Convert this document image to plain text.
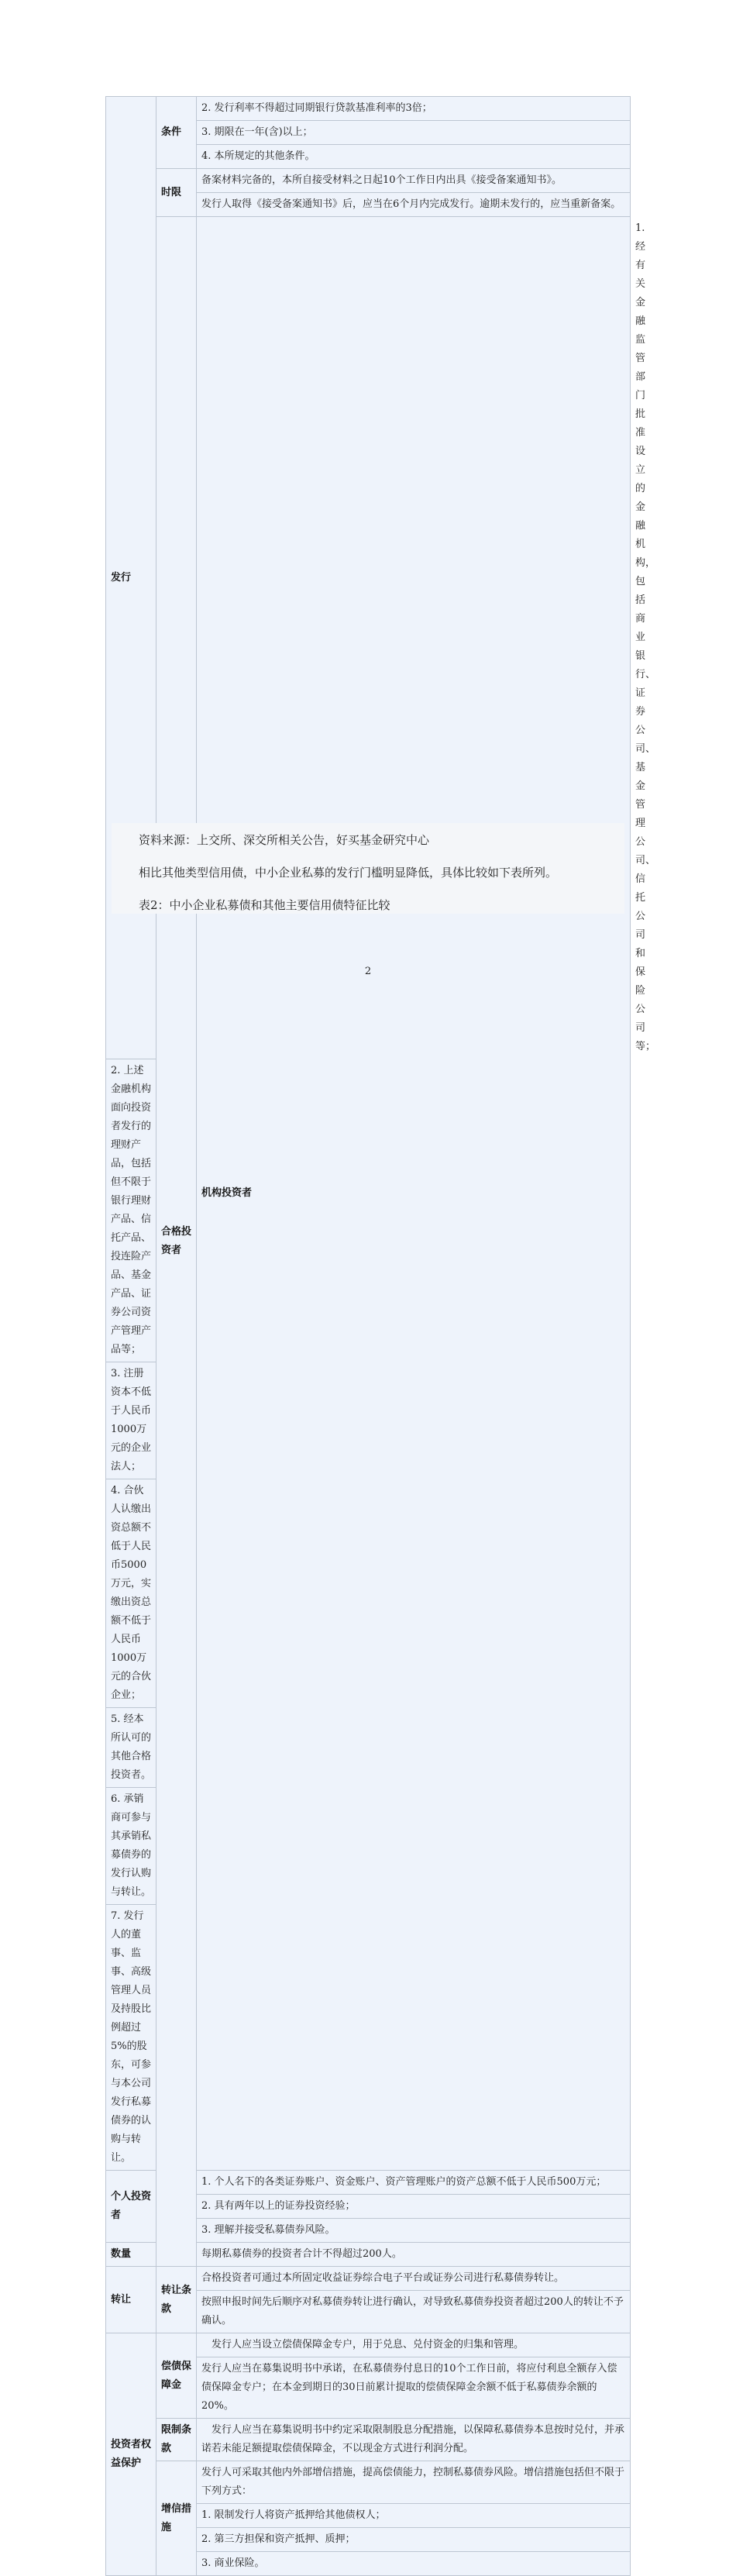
发行	条件	2. 发行利率不得超过同期银行贷款基准利率的3倍；	
		3. 期限在一年(含)以上；	
		4. 本所规定的其他条件。	
	时限	备案材料完备的，本所自接受材料之日起10个工作日内出具《接受备案通知书》。	
		发行人取得《接受备案通知书》后，应当在6个月内完成发行。逾期未发行的，应当重新备案。	
	合格投资者	机构投资者	1. 经有关金融监管部门批准设立的金融机构，包括商业银行、证券公司、基金管理公司、信托公司和保险公司等；
2. 上述金融机构面向投资者发行的理财产品，包括但不限于银行理财产品、信托产品、投连险产品、基金产品、证券公司资产管理产品等；			
3. 注册资本不低于人民币1000万元的企业法人；			
4. 合伙人认缴出资总额不低于人民币5000万元，实缴出资总额不低于人民币1000万元的合伙企业；			
5. 经本所认可的其他合格投资者。			
6. 承销商可参与其承销私募债券的发行认购与转让。			
7. 发行人的董事、监事、高级管理人员及持股比例超过5%的股东，可参与本公司发行私募债券的认购与转让。			
个人投资者		1. 个人名下的各类证券账户、资金账户、资产管理账户的资产总额不低于人民币500万元；	
		2. 具有两年以上的证券投资经验；	
		3. 理解并接受私募债券风险。	
数量		每期私募债券的投资者合计不得超过200人。	
转让	转让条款	合格投资者可通过本所固定收益证券综合电子平台或证券公司进行私募债券转让。	
		按照申报时间先后顺序对私募债券转让进行确认，对导致私募债券投资者超过200人的转让不予确认。	
投资者权益保护	偿债保障金	发行人应当设立偿债保障金专户，用于兑息、兑付资金的归集和管理。	
		发行人应当在募集说明书中承诺，在私募债券付息日的10个工作日前，将应付利息全额存入偿债保障金专户；在本金到期日的30日前累计提取的偿债保障金余额不低于私募债券余额的20%。	
	限制条款	发行人应当在募集说明书中约定采取限制股息分配措施，以保障私募债券本息按时兑付，并承诺若未能足额提取偿债保障金，不以现金方式进行利润分配。	
	增信措施	发行人可采取其他内外部增信措施，提高偿债能力，控制私募债券风险。增信措施包括但不限于下列方式：	
		1. 限制发行人将资产抵押给其他债权人；	
		2. 第三方担保和资产抵押、质押；	
		3. 商业保险。	

资料来源：上交所、深交所相关公告，好买基金研究中心

相比其他类型信用债，中小企业私募的发行门槛明显降低，具体比较如下表所列。

表2：中小企业私募债和其他主要信用债特征比较

2
